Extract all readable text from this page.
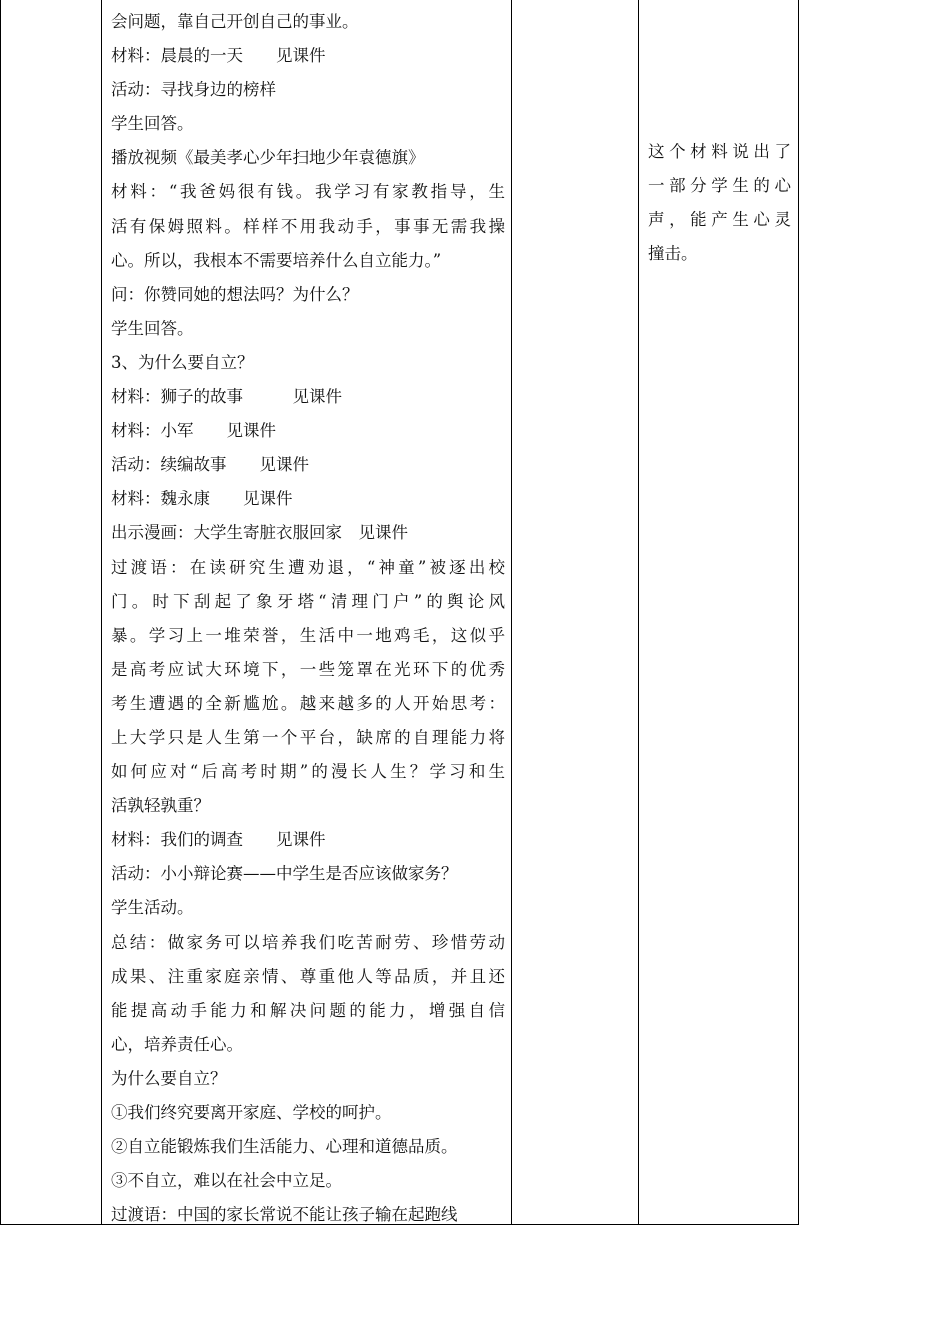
会问题，靠自己开创自己的事业。
材料：晨晨的一天　　见课件
活动：寻找身边的榜样
学生回答。
播放视频《最美孝心少年扫地少年袁德旗》
材料：“我爸妈很有钱。我学习有家教指导，生
活有保姆照料。样样不用我动手，事事无需我操
心。所以，我根本不需要培养什么自立能力。”
问：你赞同她的想法吗？为什么？
学生回答。
3、为什么要自立？
材料：狮子的故事　　　见课件
材料：小军　　见课件
活动：续编故事　　见课件
材料：魏永康　　见课件
出示漫画：大学生寄脏衣服回家　见课件
过渡语：在读研究生遭劝退，“神童”被逐出校
门。时下刮起了象牙塔“清理门户”的舆论风
暴。学习上一堆荣誉，生活中一地鸡毛，这似乎
是高考应试大环境下，一些笼罩在光环下的优秀
考生遭遇的全新尴尬。越来越多的人开始思考：
上大学只是人生第一个平台，缺席的自理能力将
如何应对“后高考时期”的漫长人生？学习和生
活孰轻孰重？
材料：我们的调查　　见课件
活动：小小辩论赛——中学生是否应该做家务？
学生活动。
总结：做家务可以培养我们吃苦耐劳、珍惜劳动
成果、注重家庭亲情、尊重他人等品质，并且还
能提高动手能力和解决问题的能力，增强自信
心，培养责任心。
为什么要自立？
①我们终究要离开家庭、学校的呵护。
②自立能锻炼我们生活能力、心理和道德品质。
③不自立，难以在社会中立足。
过渡语：中国的家长常说不能让孩子输在起跑线
这个材料说出了
一部分学生的心
声，能产生心灵
撞击。
